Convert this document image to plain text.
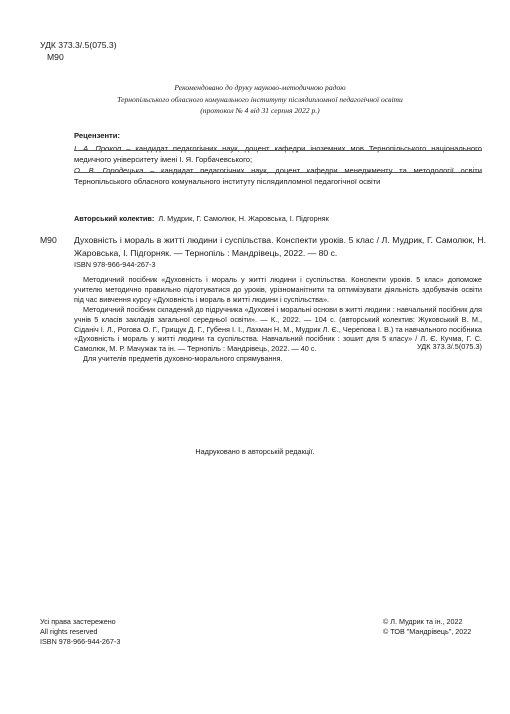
УДК 373.3/.5(075.3)
М90
Рекомендовано до друку науково-методичною радою
Тернопільського обласного комунального інституту післядипломної педагогічної освіти
(протокол № 4 від 31 серпня 2022 р.)
Рецензенти:
І. А. Прокоп – кандидат педагогічних наук, доцент кафедри іноземних мов Тернопільського національного медичного університету імені І. Я. Горбачевського;
О. В. Городецька – кандидат педагогічних наук, доцент кафедри менеджменту та методології освіти Тернопільського обласного комунального інституту післядипломної педагогічної освіти
Авторський колектив: Л. Мудрик, Г. Самолюк, Н. Жаровська, І. Підгорняк
М90 Духовність і мораль в житті людини і суспільства. Конспекти уроків. 5 клас / Л. Мудрик, Г. Самолюк, Н. Жаровська, І. Підгорняк. — Тернопіль : Мандрівець, 2022. — 80 с.
ISBN 978-966-944-267-3

Методичний посібник «Духовність і мораль у житті людини і суспільства. Конспекти уроків. 5 клас» допоможе учителю методично правильно підготуватися до уроків, урізноманітнити та оптимізувати діяльність здобувачів освіти під час вивчення курсу «Духовність і мораль в житті людини і суспільства».

Методичний посібник складений до підручника «Духовні і моральні основи в житті людини : навчальний посібник для учнів 5 класів закладів загальної середньої освіти». — К., 2022. — 104 с. (авторський колектив: Жуковський В. М., Сіданіч І. Л., Рогова О. Г., Грищук Д. Г., Губеня І. І., Лахман Н. М., Мудрик Л. Є., Черепова І. В.) та навчального посібника «Духовність і мораль у житті людини та суспільства. Навчальний посібник : зошит для 5 класу» / Л. Є. Кучма, Г. С. Самолюк, М. Р. Мачужак та ін. — Тернопіль : Мандрівець, 2022. — 40 с.

Для учителів предметів духовно-морального спрямування.

УДК 373.3/.5(075.3)
Надруковано в авторській редакції.
Усі права застережено
All rights reserved
ISBN 978-966-944-267-3
© Л. Мудрик та ін., 2022
© ТОВ "Мандрівець", 2022
